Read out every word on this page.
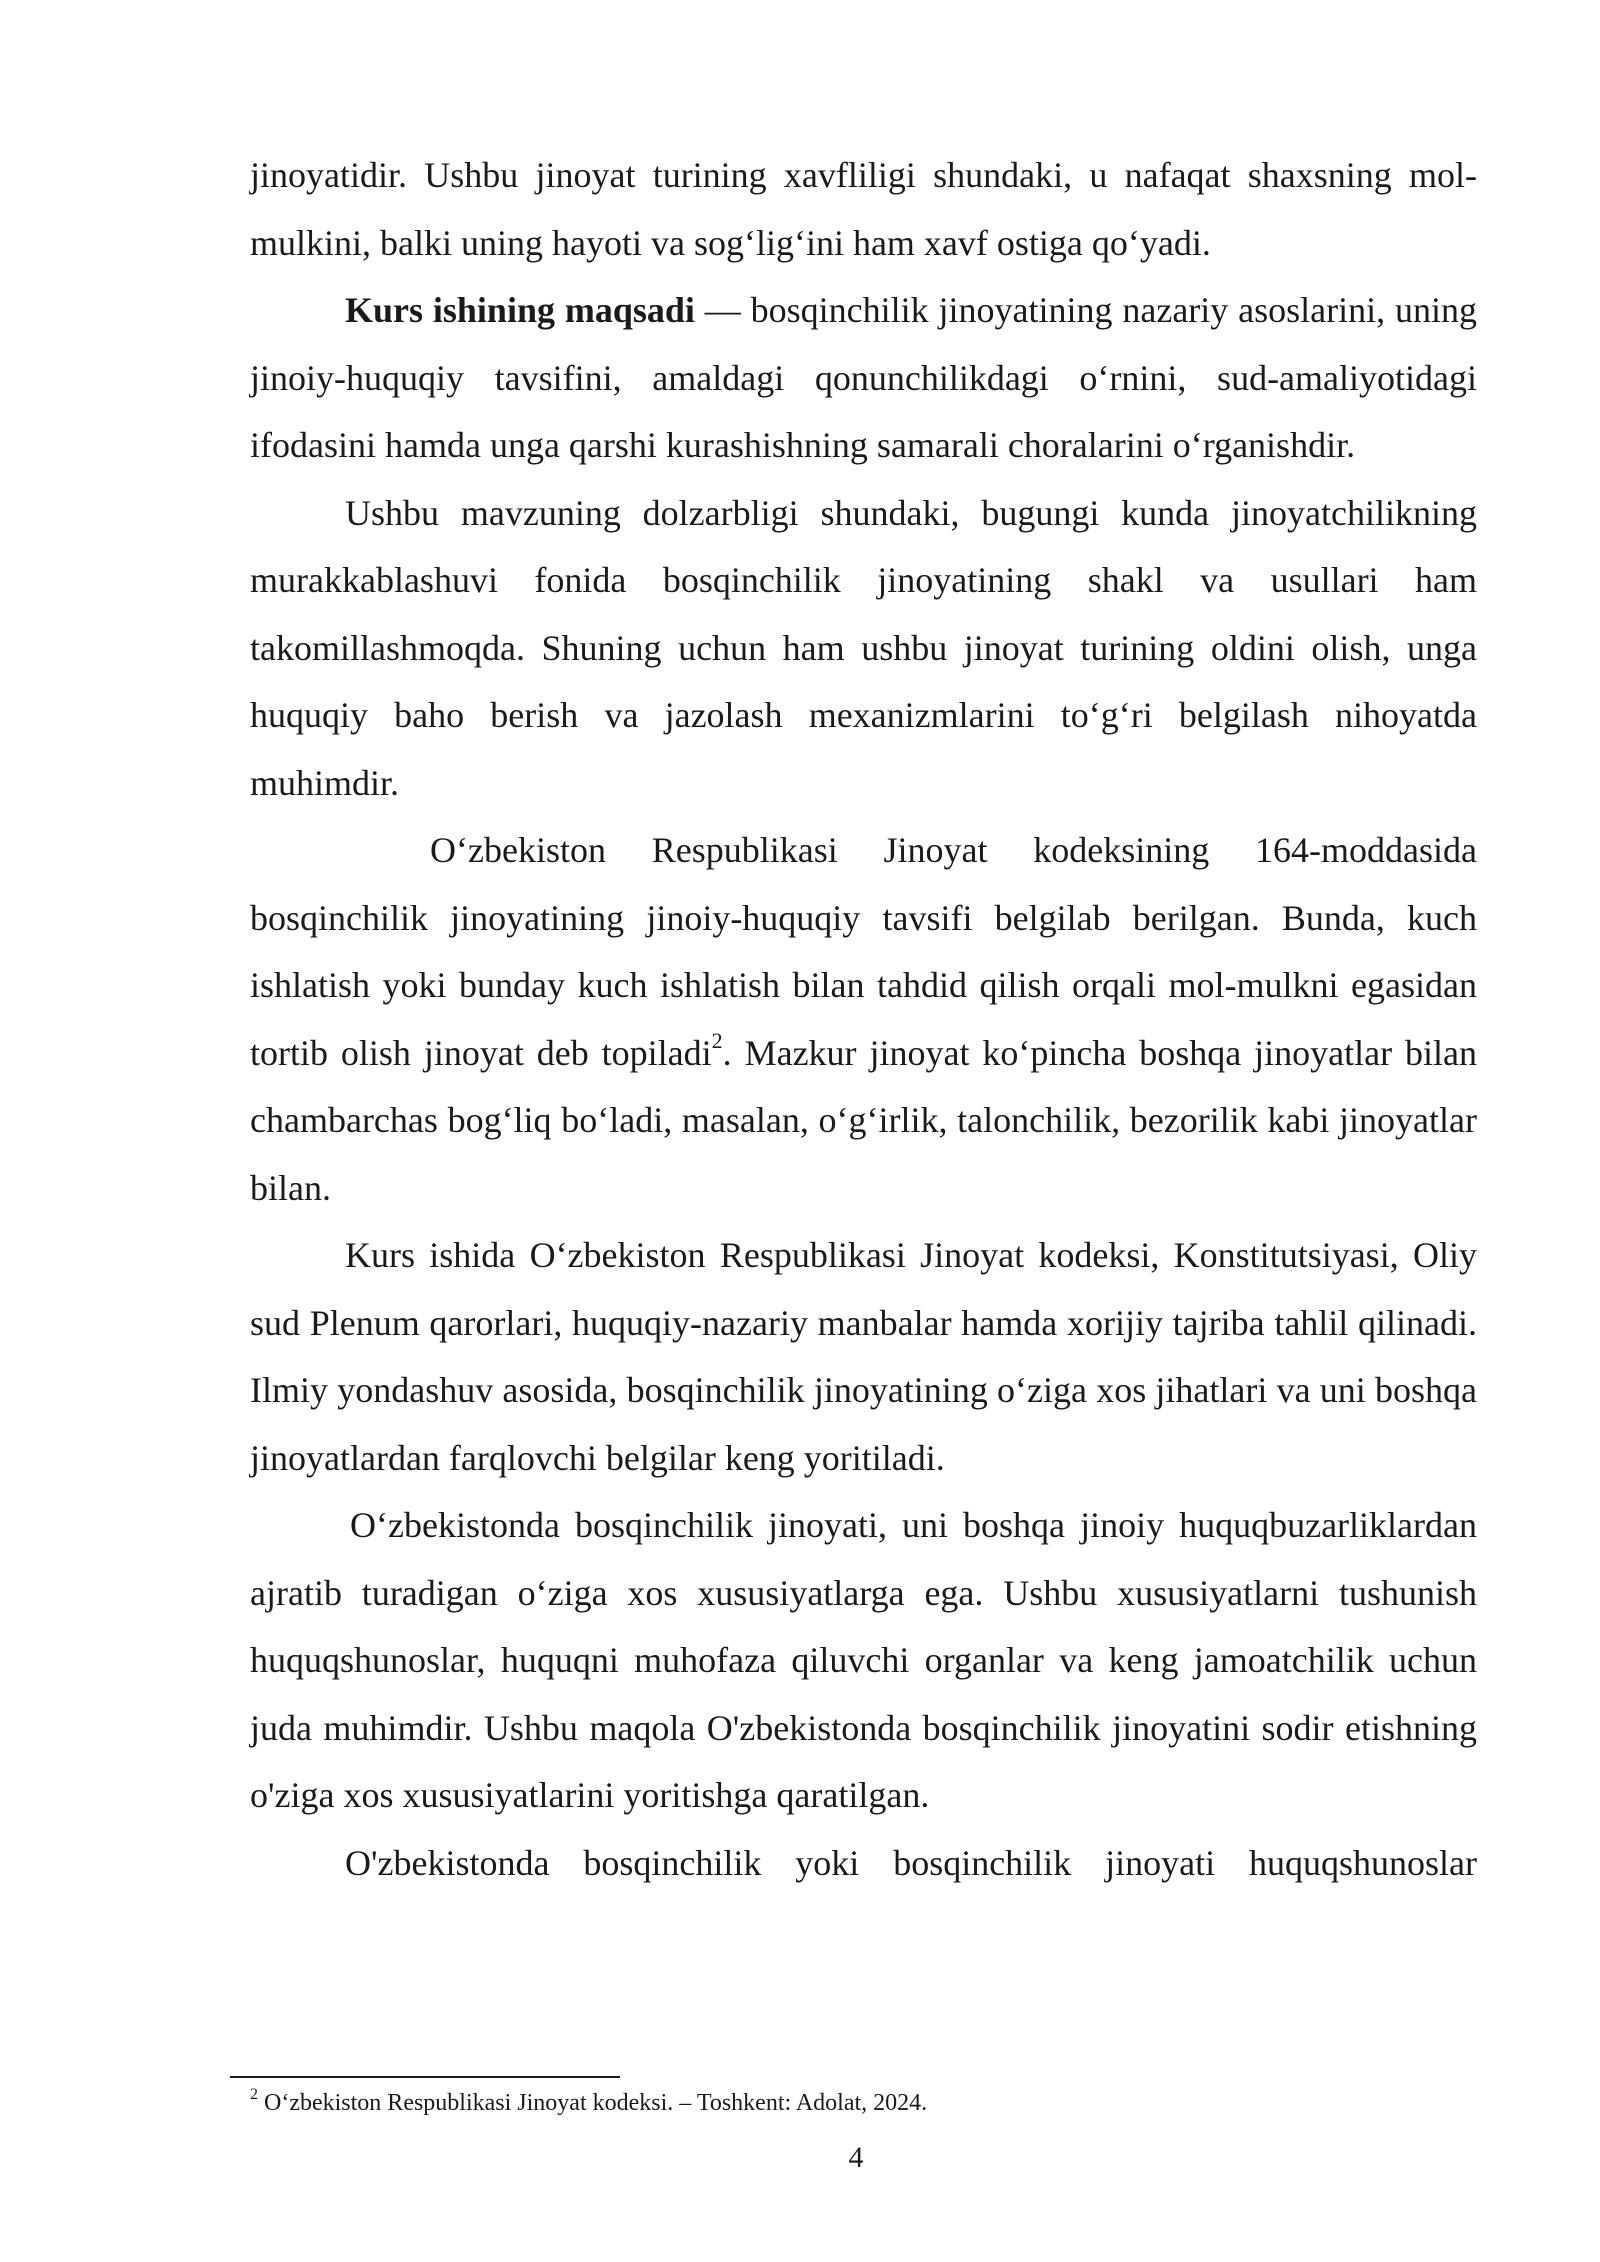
jinoyatidir. Ushbu jinoyat turining xavfliligi shundaki, u nafaqat shaxsning mol-mulkini, balki uning hayoti va sog‘lig‘ini ham xavf ostiga qo‘yadi.

Kurs ishining maqsadi — bosqinchilik jinoyatining nazariy asoslarini, uning jinoiy-huquqiy tavsifini, amaldagi qonunchilikdagi o‘rnini, sud-amaliyotidagi ifodasini hamda unga qarshi kurashishning samarali choralarini o‘rganishdir.

Ushbu mavzuning dolzarbligi shundaki, bugungi kunda jinoyatchilikning murakkablashuvi fonida bosqinchilik jinoyatining shakl va usullari ham takomillashmoqda. Shuning uchun ham ushbu jinoyat turining oldini olish, unga huquqiy baho berish va jazolash mexanizmlarini to‘g‘ri belgilash nihoyatda muhimdir.

O‘zbekiston Respublikasi Jinoyat kodeksining 164-moddasida bosqinchilik jinoyatining jinoiy-huquqiy tavsifi belgilab berilgan. Bunda, kuch ishlatish yoki bunday kuch ishlatish bilan tahdid qilish orqali mol-mulkni egasidan tortib olish jinoyat deb topiladi$^2$. Mazkur jinoyat ko‘pincha boshqa jinoyatlar bilan chambarchas bog‘liq bo‘ladi, masalan, o‘g‘irlik, talonchilik, bezorilik kabi jinoyatlar bilan.

Kurs ishida O‘zbekiston Respublikasi Jinoyat kodeksi, Konstitutsiyasi, Oliy sud Plenum qarorlari, huquqiy-nazariy manbalar hamda xorijiy tajriba tahlil qilinadi. Ilmiy yondashuv asosida, bosqinchilik jinoyatining o‘ziga xos jihatlari va uni boshqa jinoyatlardan farqlovchi belgilar keng yoritiladi.

O‘zbekistonda bosqinchilik jinoyati, uni boshqa jinoiy huquqbuzarliklardan ajratib turadigan o‘ziga xos xususiyatlarga ega. Ushbu xususiyatlarni tushunish huquqshunoslar, huquqni muhofaza qiluvchi organlar va keng jamoatchilik uchun juda muhimdir. Ushbu maqola O'zbekistonda bosqinchilik jinoyatini sodir etishning o'ziga xos xususiyatlarini yoritishga qaratilgan.

O'zbekistonda bosqinchilik yoki bosqinchilik jinoyati huquqshunoslar

$^2$ O‘zbekiston Respublikasi Jinoyat kodeksi. – Toshkent: Adolat, 2024.

4
